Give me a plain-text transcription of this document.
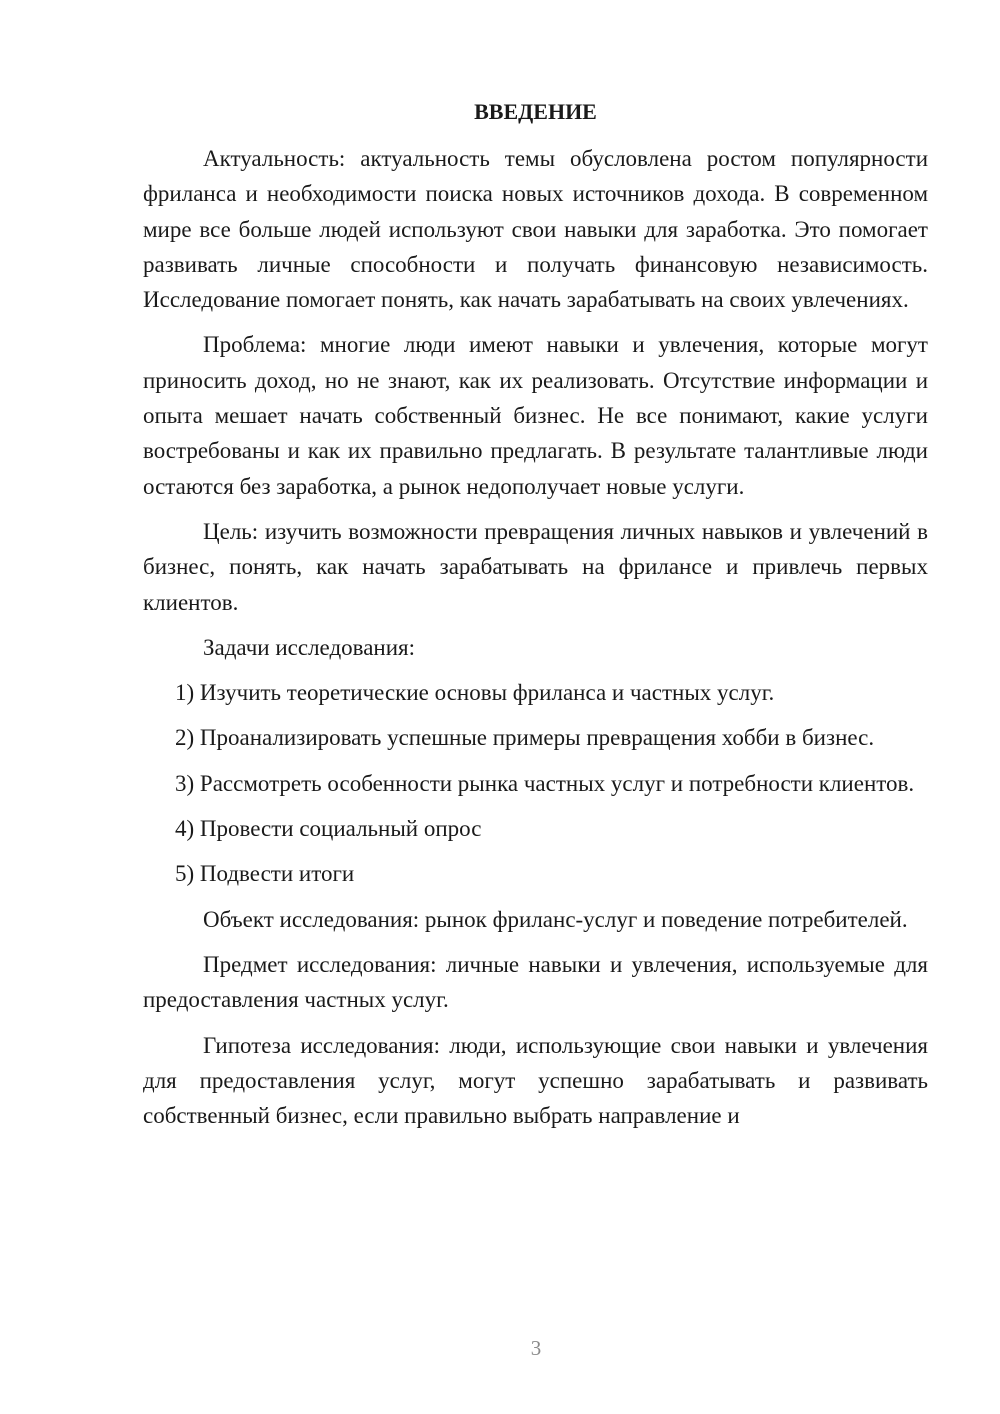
ВВЕДЕНИЕ

Актуальность: актуальность темы обусловлена ростом популярности фриланса и необходимости поиска новых источников дохода. В современном мире все больше людей используют свои навыки для заработка. Это помогает развивать личные способности и получать финансовую независимость. Исследование помогает понять, как начать зарабатывать на своих увлечениях.

Проблема: многие люди имеют навыки и увлечения, которые могут приносить доход, но не знают, как их реализовать. Отсутствие информации и опыта мешает начать собственный бизнес. Не все понимают, какие услуги востребованы и как их правильно предлагать. В результате талантливые люди остаются без заработка, а рынок недополучает новые услуги.

Цель: изучить возможности превращения личных навыков и увлечений в бизнес, понять, как начать зарабатывать на фрилансе и привлечь первых клиентов.

Задачи исследования:

1) Изучить теоретические основы фриланса и частных услуг.

2) Проанализировать успешные примеры превращения хобби в бизнес.

3) Рассмотреть особенности рынка частных услуг и потребности клиентов.

4) Провести социальный опрос

5) Подвести итоги

Объект исследования: рынок фриланс-услуг и поведение потребителей.

Предмет исследования: личные навыки и увлечения, используемые для предоставления частных услуг.

Гипотеза исследования: люди, использующие свои навыки и увлечения для предоставления услуг, могут успешно зарабатывать и развивать собственный бизнес, если правильно выбрать направление и

3
